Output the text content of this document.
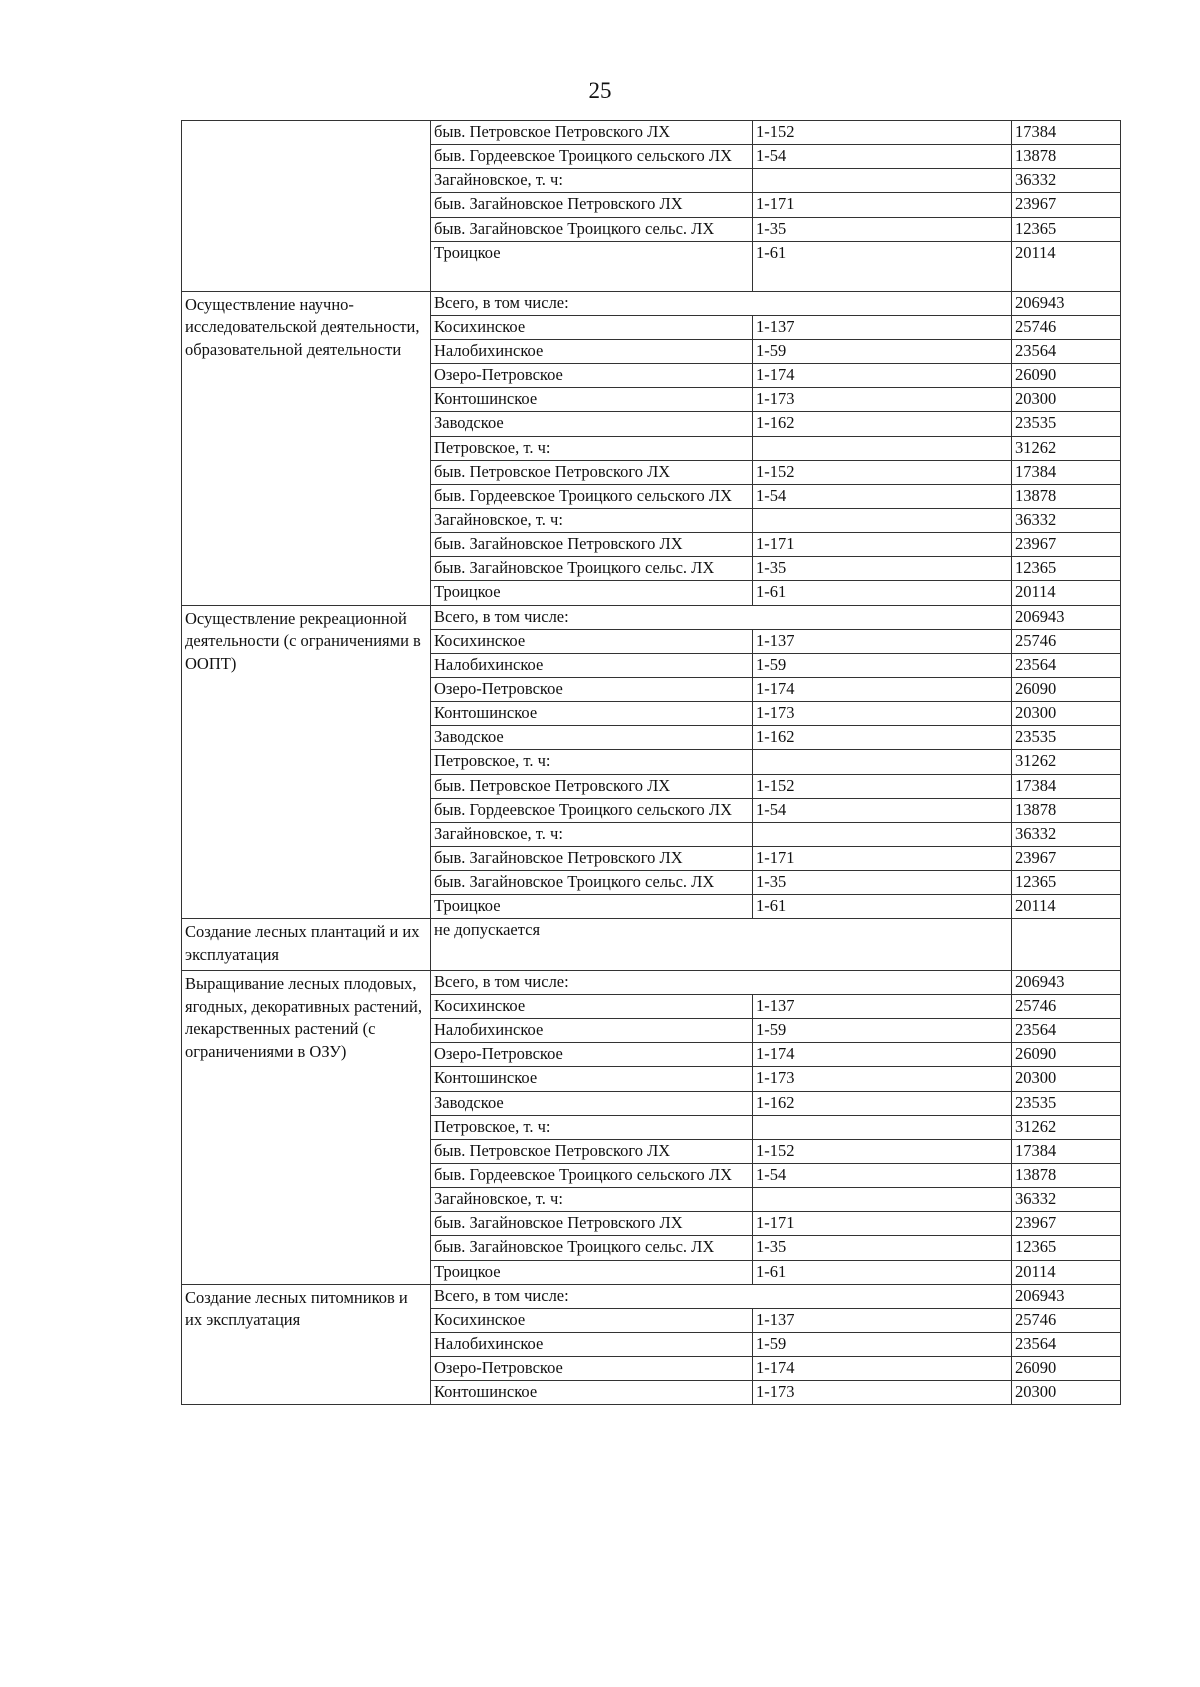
25
	быв. Петровское Петровского ЛХ	1-152	17384
	быв. Гордеевское Троицкого сельского ЛХ	1-54	13878
	Загайновское, т. ч:		36332
	быв. Загайновское Петровского ЛХ	1-171	23967
	быв. Загайновское Троицкого сельс. ЛХ	1-35	12365
	Троицкое	1-61	20114
Осуществление научно-исследовательской деятельности, образовательной деятельности	Всего, в том числе:		206943
	Косихинское	1-137	25746
	Налобихинское	1-59	23564
	Озеро-Петровское	1-174	26090
	Контошинское	1-173	20300
	Заводское	1-162	23535
	Петровское, т. ч:		31262
	быв. Петровское Петровского ЛХ	1-152	17384
	быв. Гордеевское Троицкого сельского ЛХ	1-54	13878
	Загайновское, т. ч:		36332
	быв. Загайновское Петровского ЛХ	1-171	23967
	быв. Загайновское Троицкого сельс. ЛХ	1-35	12365
	Троицкое	1-61	20114
Осуществление рекреационной деятельности (с ограничениями в ООПТ)	Всего, в том числе:		206943
	Косихинское	1-137	25746
	Налобихинское	1-59	23564
	Озеро-Петровское	1-174	26090
	Контошинское	1-173	20300
	Заводское	1-162	23535
	Петровское, т. ч:		31262
	быв. Петровское Петровского ЛХ	1-152	17384
	быв. Гордеевское Троицкого сельского ЛХ	1-54	13878
	Загайновское, т. ч:		36332
	быв. Загайновское Петровского ЛХ	1-171	23967
	быв. Загайновское Троицкого сельс. ЛХ	1-35	12365
	Троицкое	1-61	20114
Создание лесных плантаций и их эксплуатация	не допускается		
Выращивание лесных плодовых, ягодных, декоративных растений, лекарственных растений (с ограничениями в ОЗУ)	Всего, в том числе:		206943
	Косихинское	1-137	25746
	Налобихинское	1-59	23564
	Озеро-Петровское	1-174	26090
	Контошинское	1-173	20300
	Заводское	1-162	23535
	Петровское, т. ч:		31262
	быв. Петровское Петровского ЛХ	1-152	17384
	быв. Гордеевское Троицкого сельского ЛХ	1-54	13878
	Загайновское, т. ч:		36332
	быв. Загайновское Петровского ЛХ	1-171	23967
	быв. Загайновское Троицкого сельс. ЛХ	1-35	12365
	Троицкое	1-61	20114
Создание лесных питомников и их эксплуатация	Всего, в том числе:		206943
	Косихинское	1-137	25746
	Налобихинское	1-59	23564
	Озеро-Петровское	1-174	26090
	Контошинское	1-173	20300
